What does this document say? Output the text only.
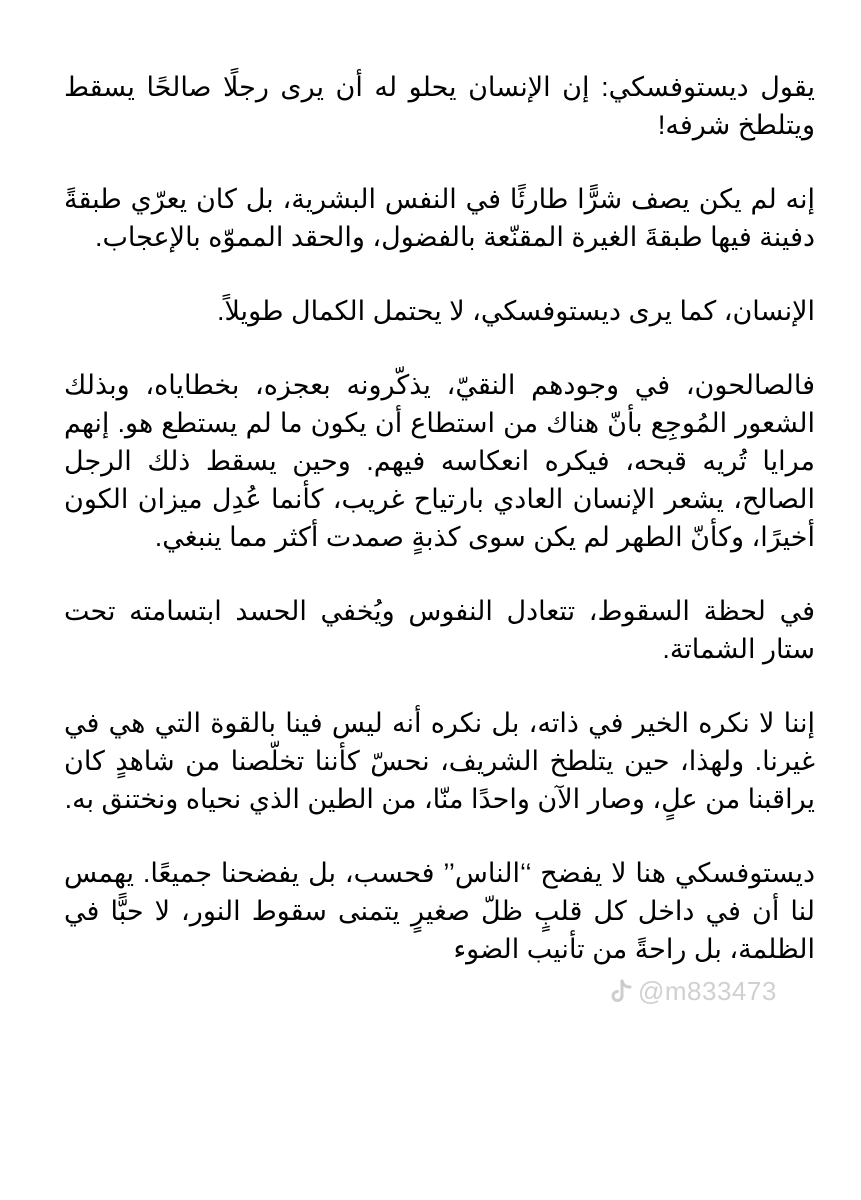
يقول ديستوفسكي: إن الإنسان يحلو له أن يرى رجلًا صالحًا يسقط ويتلطخ شرفه!

إنه لم يكن يصف شرًّا طارئًا في النفس البشرية، بل كان يعرّي طبقةً دفينة فيها طبقةَ الغيرة المقنّعة بالفضول، والحقد المموّه بالإعجاب.

الإنسان، كما يرى ديستوفسكي، لا يحتمل الكمال طويلاً.

فالصالحون، في وجودهم النقيّ، يذكّرونه بعجزه، بخطاياه، وبذلك الشعور المُوجِع بأنّ هناك من استطاع أن يكون ما لم يستطع هو. إنهم مرايا تُريه قبحه، فيكره انعكاسه فيهم. وحين يسقط ذلك الرجل الصالح، يشعر الإنسان العادي بارتياح غريب، كأنما عُدِل ميزان الكون أخيرًا، وكأنّ الطهر لم يكن سوى كذبةٍ صمدت أكثر مما ينبغي.

في لحظة السقوط، تتعادل النفوس ويُخفي الحسد ابتسامته تحت ستار الشماتة.

إننا لا نكره الخير في ذاته، بل نكره أنه ليس فينا بالقوة التي هي في غيرنا. ولهذا، حين يتلطخ الشريف، نحسّ كأننا تخلّصنا من شاهدٍ كان يراقبنا من علٍ، وصار الآن واحدًا منّا، من الطين الذي نحياه ونختنق به.

ديستوفسكي هنا لا يفضح ‘‘الناس’’ فحسب، بل يفضحنا جميعًا. يهمس لنا أن في داخل كل قلبٍ ظلّ صغيرٍ يتمنى سقوط النور، لا حبًّا في الظلمة، بل راحةً من تأنيب الضوء

@m833473
